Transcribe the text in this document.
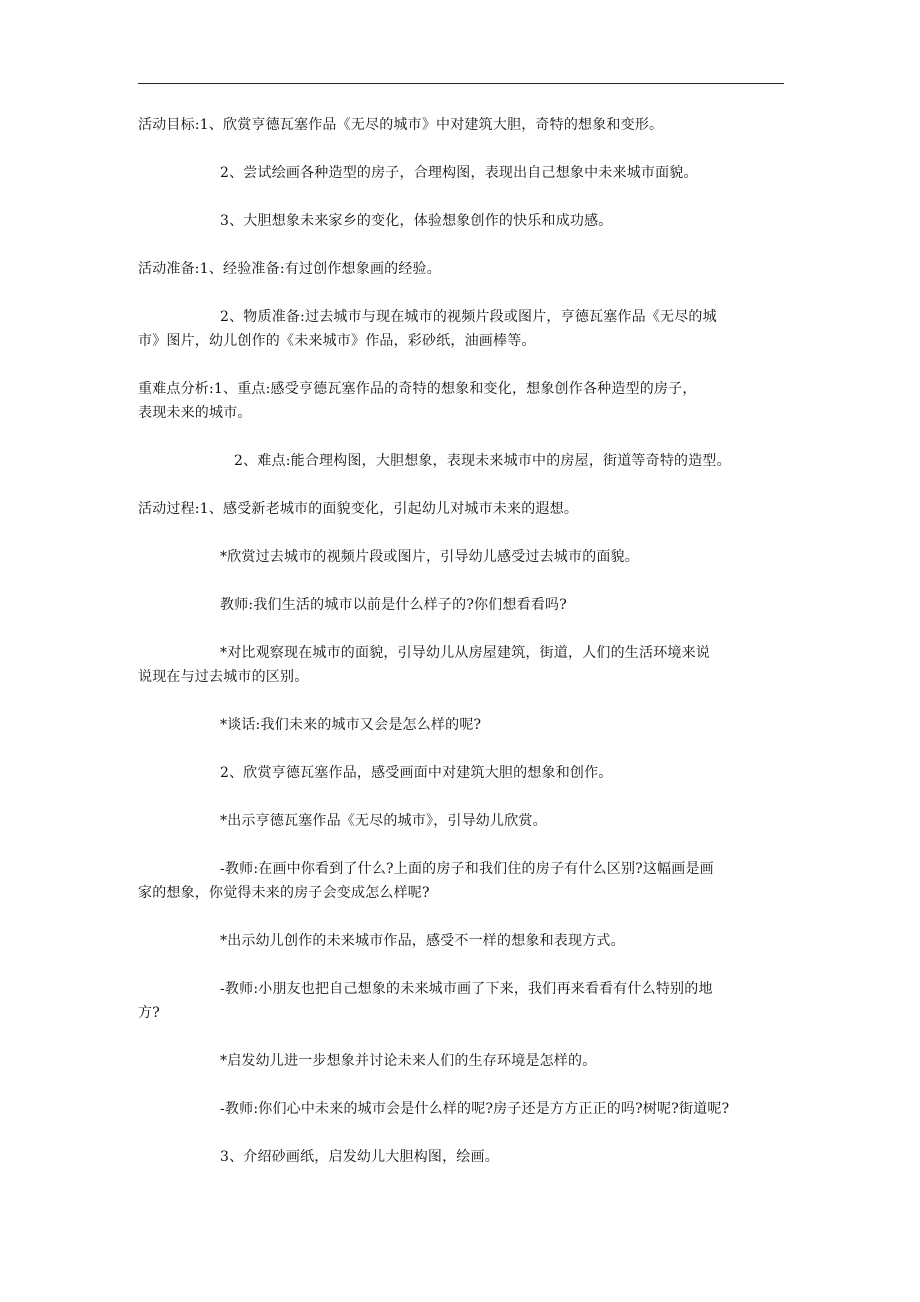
活动目标:1、欣赏亨德瓦塞作品《无尽的城市》中对建筑大胆，奇特的想象和变形。
2、尝试绘画各种造型的房子，合理构图，表现出自己想象中未来城市面貌。
3、大胆想象未来家乡的变化，体验想象创作的快乐和成功感。
活动准备:1、经验准备:有过创作想象画的经验。
2、物质准备:过去城市与现在城市的视频片段或图片，亨德瓦塞作品《无尽的城
市》图片，幼儿创作的《未来城市》作品，彩砂纸，油画棒等。
重难点分析:1、重点:感受亨德瓦塞作品的奇特的想象和变化，想象创作各种造型的房子，
表现未来的城市。
2、难点:能合理构图，大胆想象，表现未来城市中的房屋，街道等奇特的造型。
活动过程:1、感受新老城市的面貌变化，引起幼儿对城市未来的遐想。
*欣赏过去城市的视频片段或图片，引导幼儿感受过去城市的面貌。
教师:我们生活的城市以前是什么样子的?你们想看看吗?
*对比观察现在城市的面貌，引导幼儿从房屋建筑，街道，人们的生活环境来说
说现在与过去城市的区别。
*谈话:我们未来的城市又会是怎么样的呢?
2、欣赏亨德瓦塞作品，感受画面中对建筑大胆的想象和创作。
*出示亨德瓦塞作品《无尽的城市》，引导幼儿欣赏。
-教师:在画中你看到了什么?上面的房子和我们住的房子有什么区别?这幅画是画
家的想象，你觉得未来的房子会变成怎么样呢?
*出示幼儿创作的未来城市作品，感受不一样的想象和表现方式。
-教师:小朋友也把自己想象的未来城市画了下来，我们再来看看有什么特别的地
方?
*启发幼儿进一步想象并讨论未来人们的生存环境是怎样的。
-教师:你们心中未来的城市会是什么样的呢?房子还是方方正正的吗?树呢?街道呢?
3、介绍砂画纸，启发幼儿大胆构图，绘画。
